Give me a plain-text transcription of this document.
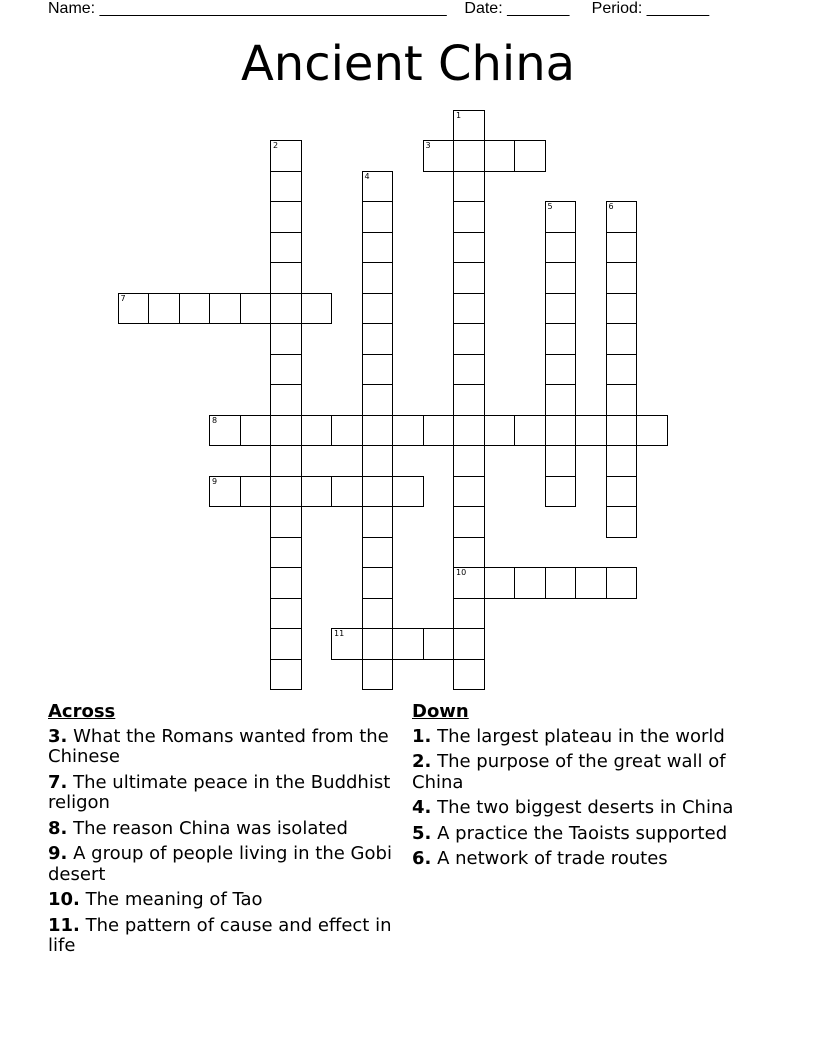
Name: _______________________________________ Date: _______ Period: _______
Ancient China
1
10
2	3
4
5	6
7
8
9
11
Across
3. What the Romans wanted from the Chinese
7. The ultimate peace in the Buddhist religon
8. The reason China was isolated
9. A group of people living in the Gobi desert
10. The meaning of Tao
11. The pattern of cause and effect in life
Down
1. The largest plateau in the world
2. The purpose of the great wall of China
4. The two biggest deserts in China
5. A practice the Taoists supported
6. A network of trade routes
